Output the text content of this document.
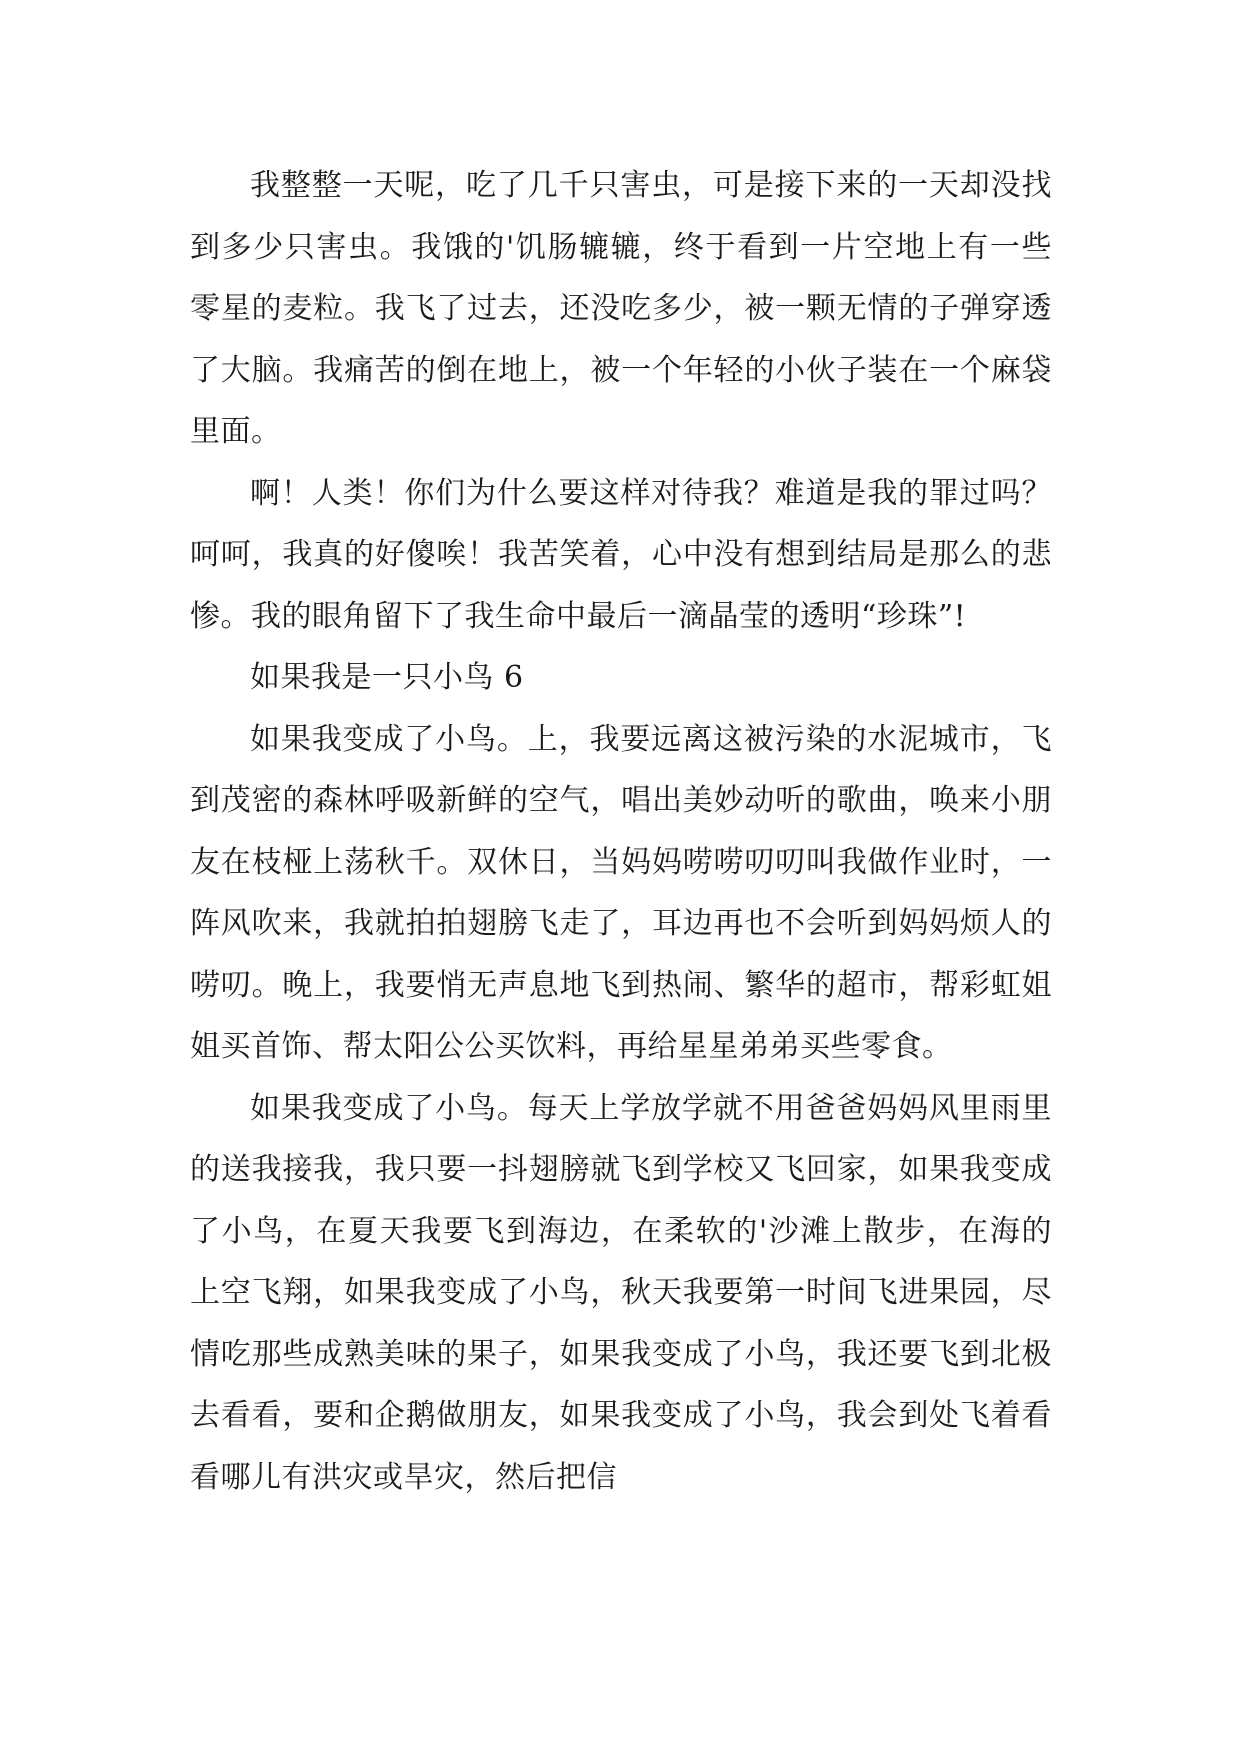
我整整一天呢，吃了几千只害虫，可是接下来的一天却没找到多少只害虫。我饿的'饥肠辘辘，终于看到一片空地上有一些零星的麦粒。我飞了过去，还没吃多少，被一颗无情的子弹穿透了大脑。我痛苦的倒在地上，被一个年轻的小伙子装在一个麻袋里面。

啊！人类！你们为什么要这样对待我？难道是我的罪过吗？呵呵，我真的好傻唉！我苦笑着，心中没有想到结局是那么的悲惨。我的眼角留下了我生命中最后一滴晶莹的透明“珍珠”!

如果我是一只小鸟 6

如果我变成了小鸟。上，我要远离这被污染的水泥城市，飞到茂密的森林呼吸新鲜的空气，唱出美妙动听的歌曲，唤来小朋友在枝桠上荡秋千。双休日，当妈妈唠唠叨叨叫我做作业时，一阵风吹来，我就拍拍翅膀飞走了，耳边再也不会听到妈妈烦人的唠叨。晚上，我要悄无声息地飞到热闹、繁华的超市，帮彩虹姐姐买首饰、帮太阳公公买饮料，再给星星弟弟买些零食。

如果我变成了小鸟。每天上学放学就不用爸爸妈妈风里雨里的送我接我，我只要一抖翅膀就飞到学校又飞回家，如果我变成了小鸟，在夏天我要飞到海边，在柔软的'沙滩上散步，在海的上空飞翔，如果我变成了小鸟，秋天我要第一时间飞进果园，尽情吃那些成熟美味的果子，如果我变成了小鸟，我还要飞到北极去看看，要和企鹅做朋友，如果我变成了小鸟，我会到处飞着看看哪儿有洪灾或旱灾，然后把信
